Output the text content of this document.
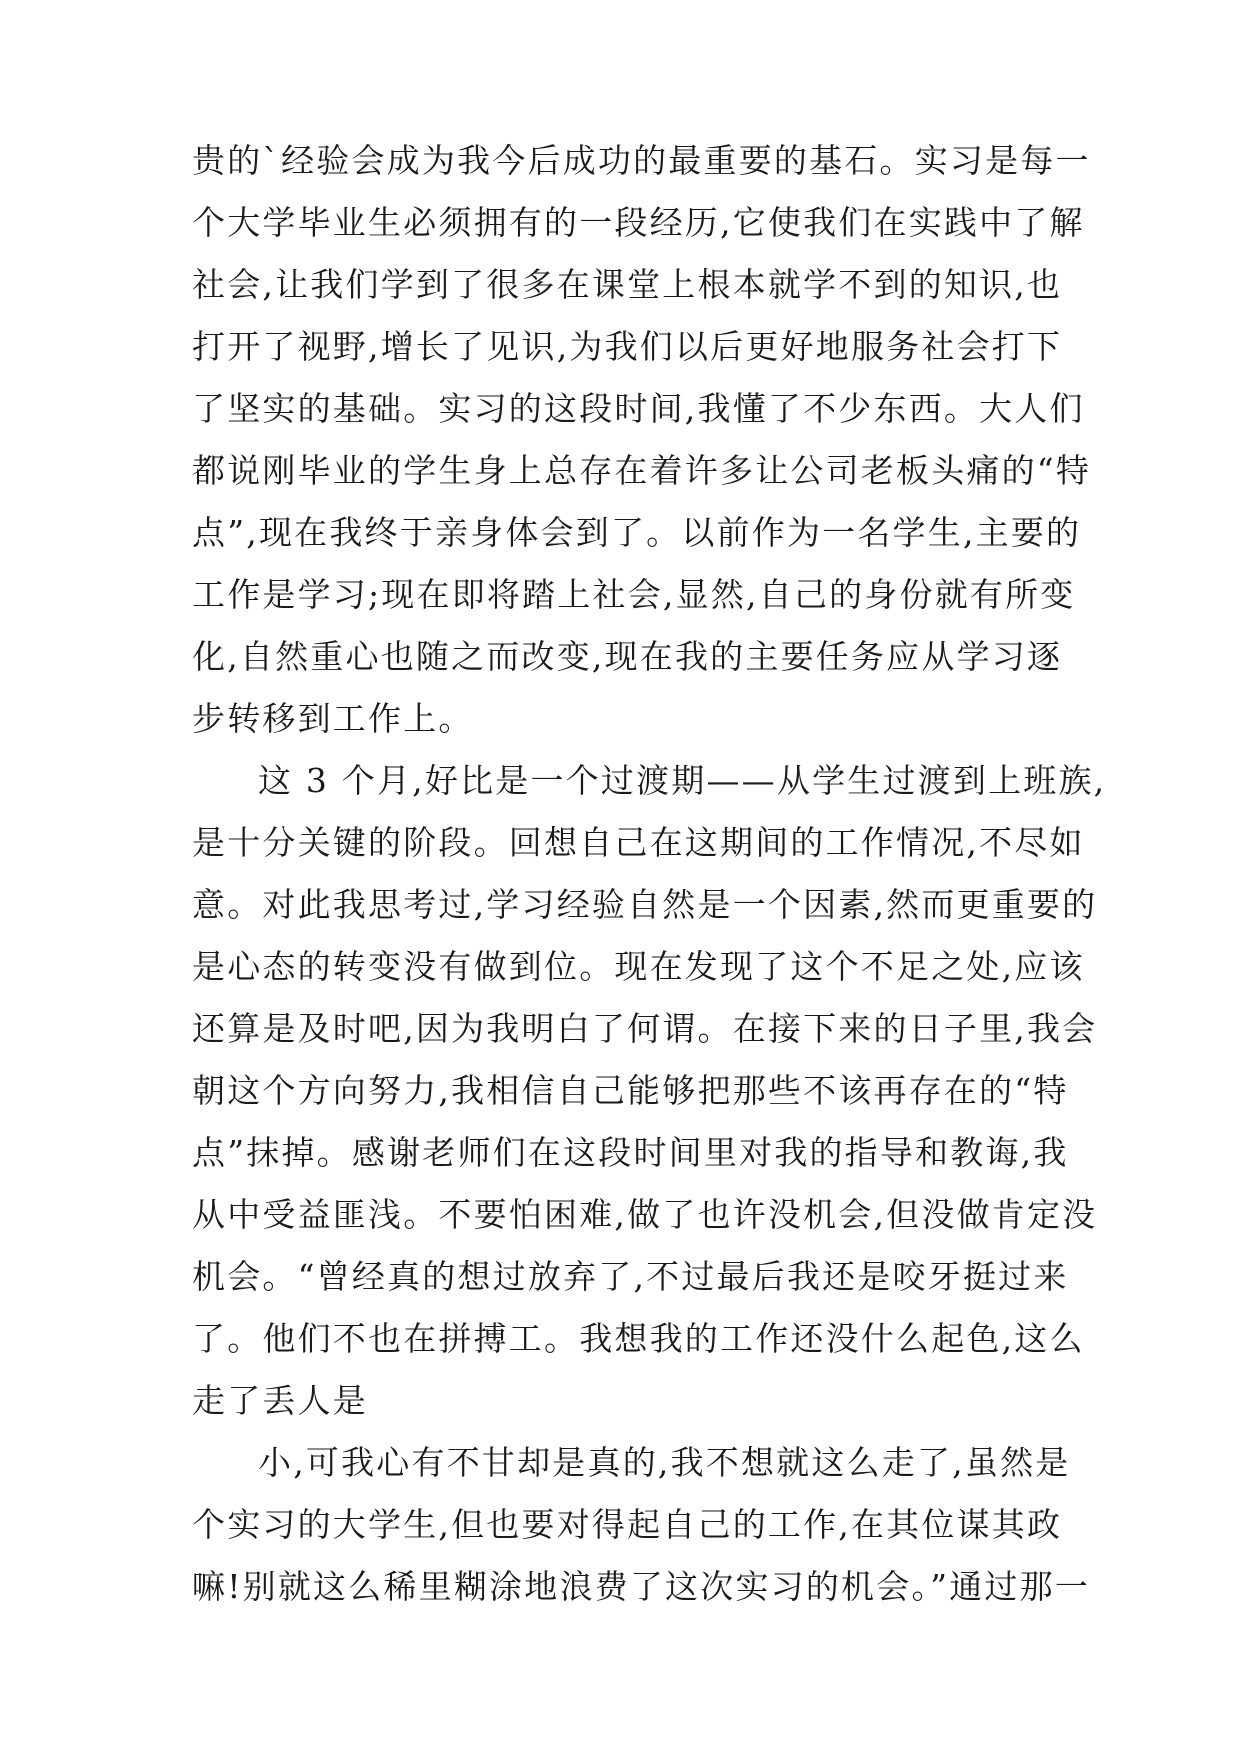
贵的`经验会成为我今后成功的最重要的基石。实习是每一
个大学毕业生必须拥有的一段经历,它使我们在实践中了解
社会,让我们学到了很多在课堂上根本就学不到的知识,也
打开了视野,增长了见识,为我们以后更好地服务社会打下
了坚实的基础。实习的这段时间,我懂了不少东西。大人们
都说刚毕业的学生身上总存在着许多让公司老板头痛的“特
点”,现在我终于亲身体会到了。以前作为一名学生,主要的
工作是学习;现在即将踏上社会,显然,自己的身份就有所变
化,自然重心也随之而改变,现在我的主要任务应从学习逐
步转移到工作上。
这 3 个月,好比是一个过渡期——从学生过渡到上班族,
是十分关键的阶段。回想自己在这期间的工作情况,不尽如
意。对此我思考过,学习经验自然是一个因素,然而更重要的
是心态的转变没有做到位。现在发现了这个不足之处,应该
还算是及时吧,因为我明白了何谓。在接下来的日子里,我会
朝这个方向努力,我相信自己能够把那些不该再存在的“特
点”抹掉。感谢老师们在这段时间里对我的指导和教诲,我
从中受益匪浅。不要怕困难,做了也许没机会,但没做肯定没
机会。“曾经真的想过放弃了,不过最后我还是咬牙挺过来
了。他们不也在拼搏工。我想我的工作还没什么起色,这么
走了丢人是
小,可我心有不甘却是真的,我不想就这么走了,虽然是
个实习的大学生,但也要对得起自己的工作,在其位谋其政
嘛!别就这么稀里糊涂地浪费了这次实习的机会。”通过那一
